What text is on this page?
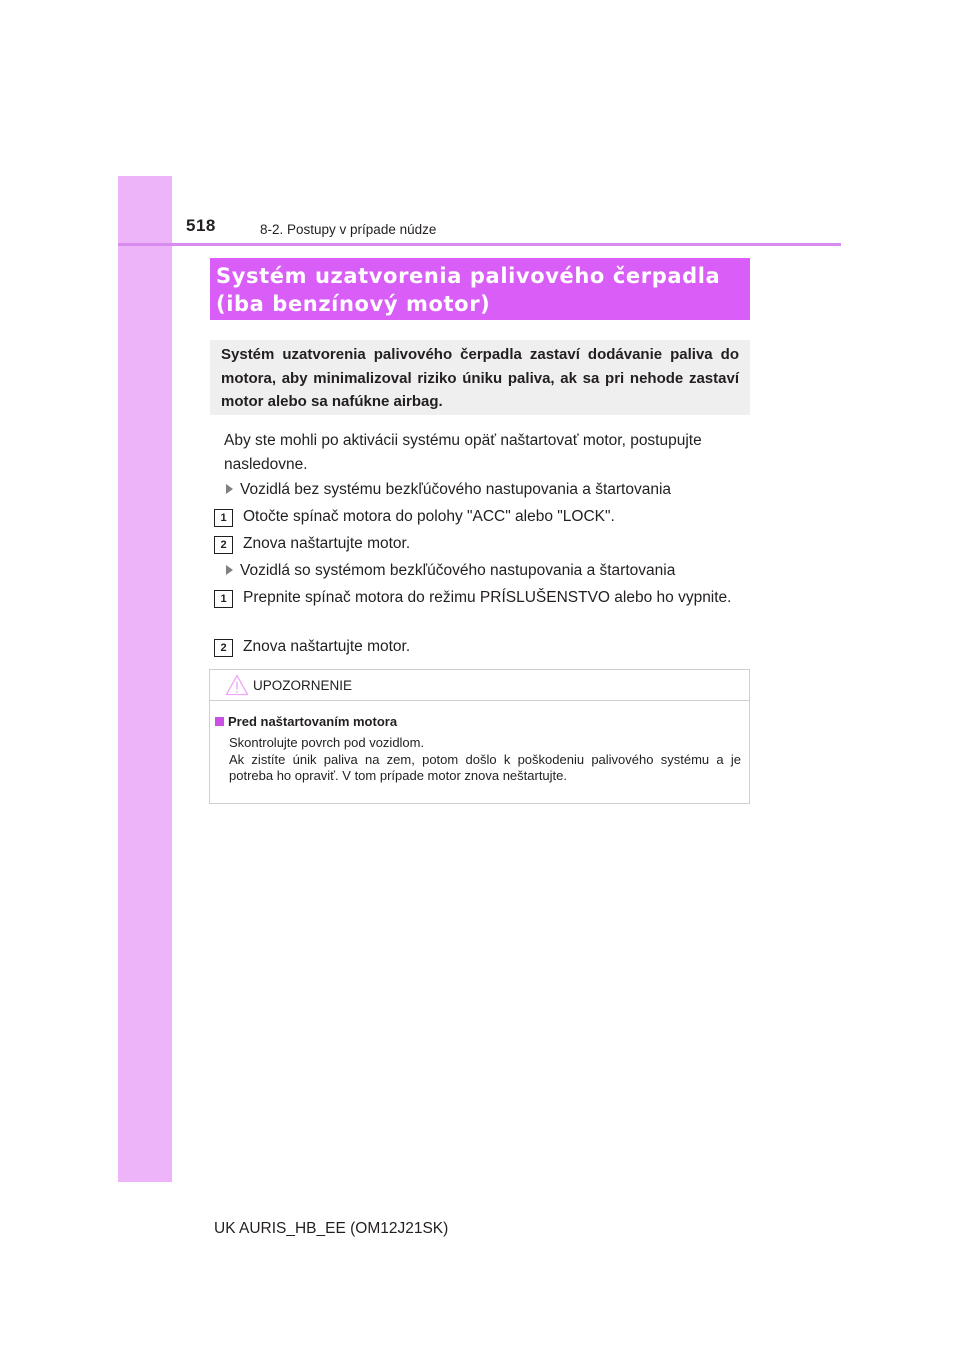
518	8-2. Postupy v prípade núdze
Systém uzatvorenia palivového čerpadla
(iba benzínový motor)
Systém uzatvorenia palivového čerpadla zastaví dodávanie paliva do motora, aby minimalizoval riziko úniku paliva, ak sa pri nehode zastaví motor alebo sa nafúkne airbag.
Aby ste mohli po aktivácii systému opäť naštartovať motor, postupujte nasledovne.
Vozidlá bez systému bezkľúčového nastupovania a štartovania
1	Otočte spínač motora do polohy "ACC" alebo "LOCK".
2	Znova naštartujte motor.
Vozidlá so systémom bezkľúčového nastupovania a štartovania
1	Prepnite spínač motora do režimu PRÍSLUŠENSTVO alebo ho vypnite.
2	Znova naštartujte motor.
UPOZORNENIE
Pred naštartovaním motora

Skontrolujte povrch pod vozidlom.

Ak zistíte únik paliva na zem, potom došlo k poškodeniu palivového systému a je potreba ho opraviť. V tom prípade motor znova neštartujte.

UK AURIS_HB_EE (OM12J21SK)
